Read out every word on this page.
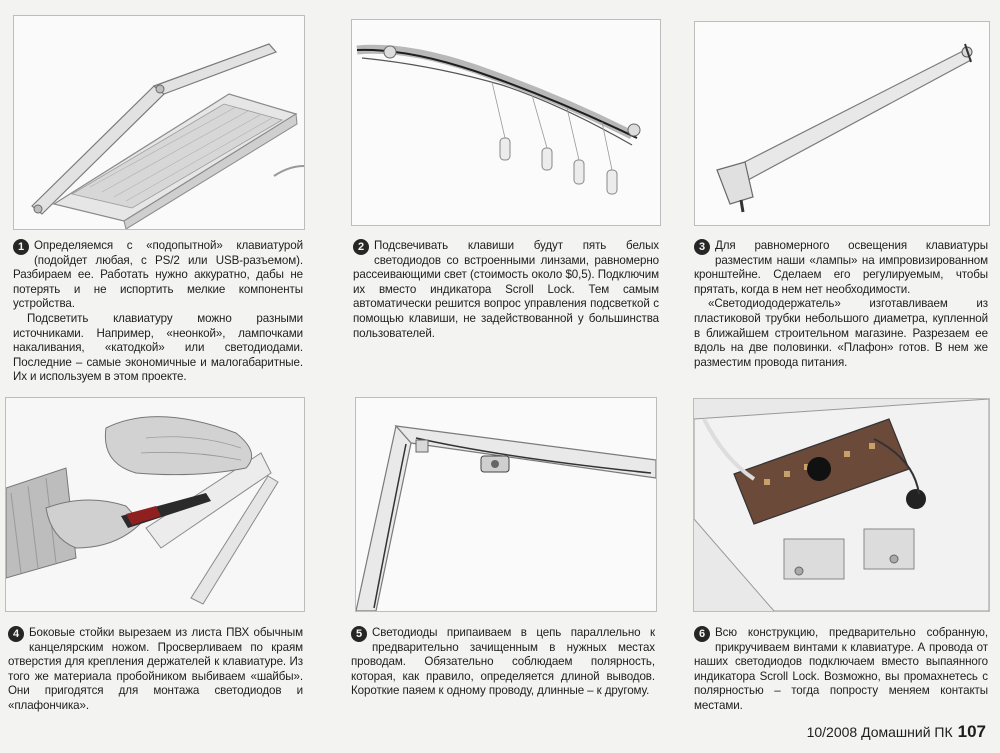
1 Определяемся с «подопытной» клавиатурой (подойдет любая, с PS/2 или USB-разъемом). Разбираем ее. Работать нужно аккуратно, дабы не потерять и не испортить мелкие компоненты устройства.

Подсветить клавиатуру можно разными источниками. Например, «неонкой», лампочками накаливания, «катодкой» или светодиодами. Последние – самые экономичные и малогабаритные. Их и используем в этом проекте.

2 Подсвечивать клавиши будут пять белых светодиодов со встроенными линзами, равномерно рассеивающими свет (стоимость около $0,5). Подключим их вместо индикатора Scroll Lock. Тем самым автоматически решится вопрос управления подсветкой с помощью клавиши, не задействованной у большинства пользователей.

3 Для равномерного освещения клавиатуры разместим наши «лампы» на импровизированном кронштейне. Сделаем его регулируемым, чтобы прятать, когда в нем нет необходимости.

«Светодиододержатель» изготавливаем из пластиковой трубки небольшого диаметра, купленной в ближайшем строительном магазине. Разрезаем ее вдоль на две половинки. «Плафон» готов. В нем же разместим провода питания.

4 Боковые стойки вырезаем из листа ПВХ обычным канцелярским ножом. Просверливаем по краям отверстия для крепления держателей к клавиатуре. Из того же материала пробойником выбиваем «шайбы». Они пригодятся для монтажа светодиодов и «плафончика».

5 Светодиоды припаиваем в цепь параллельно к предварительно зачищенным в нужных местах проводам. Обязательно соблюдаем полярность, которая, как правило, определяется длиной выводов. Короткие паяем к одному проводу, длинные – к другому.

6 Всю конструкцию, предварительно собранную, прикручиваем винтами к клавиатуре. А провода от наших светодиодов подключаем вместо выпаянного индикатора Scroll Lock. Возможно, вы промахнетесь с полярностью – тогда попросту меняем контакты местами.

10/2008 Домашний ПК 107
